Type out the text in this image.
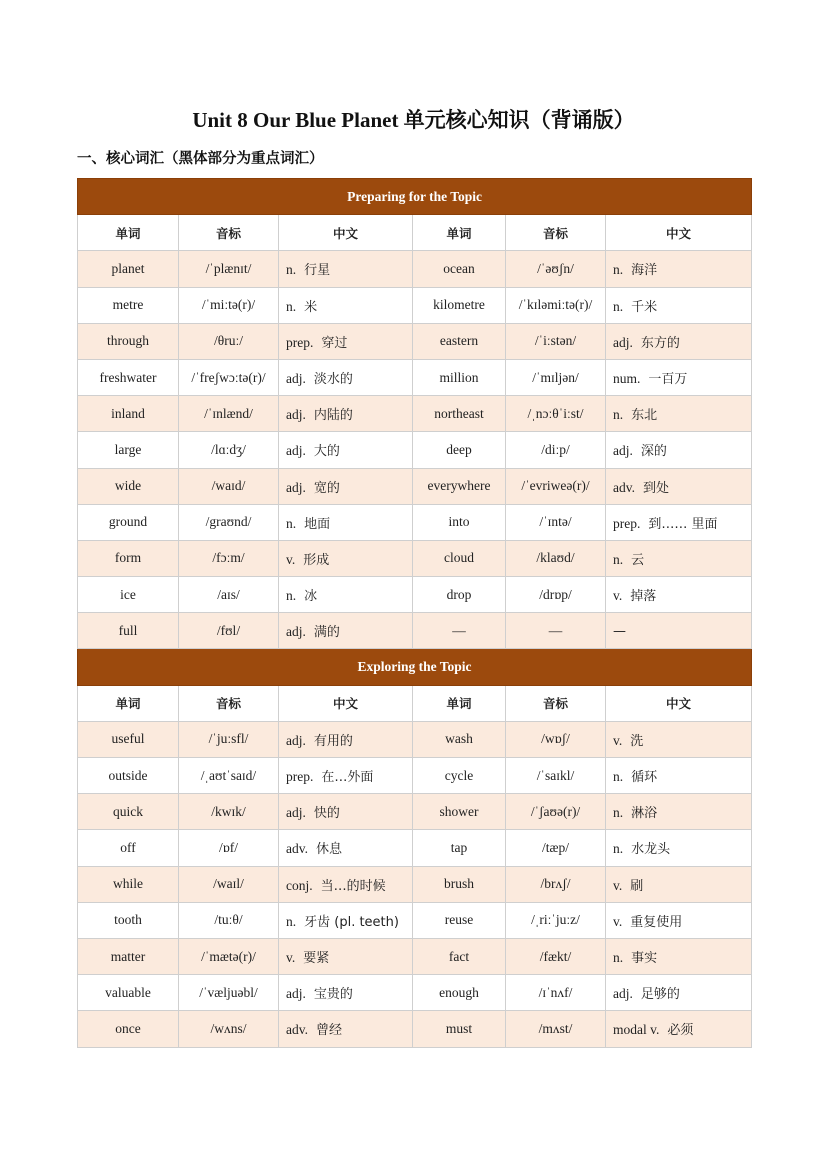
Unit 8 Our Blue Planet 单元核心知识（背诵版）
一、核心词汇（黑体部分为重点词汇）
Preparing for the Topic					
单词	音标	中文	单词	音标	中文
planet	/ˈplænɪt/	n. 行星	ocean	/ˈəʊʃn/	n. 海洋
metre	/ˈmiːtə(r)/	n. 米	kilometre	/ˈkɪləmiːtə(r)/	n. 千米
through	/θruː/	prep. 穿过	eastern	/ˈiːstən/	adj. 东方的
freshwater	/ˈfreʃwɔːtə(r)/	adj. 淡水的	million	/ˈmɪljən/	num. 一百万
inland	/ˈɪnlænd/	adj. 内陆的	northeast	/ˌnɔːθˈiːst/	n. 东北
large	/lɑːdʒ/	adj. 大的	deep	/diːp/	adj. 深的
wide	/waɪd/	adj. 宽的	everywhere	/ˈevriweə(r)/	adv. 到处
ground	/graʊnd/	n. 地面	into	/ˈɪntə/	prep. 到…… 里面
form	/fɔːm/	v. 形成	cloud	/klaʊd/	n. 云
ice	/aɪs/	n. 冰	drop	/drɒp/	v. 掉落
full	/fʊl/	adj. 满的	—	—	—
Exploring the Topic					
单词	音标	中文	单词	音标	中文
useful	/ˈjuːsfl/	adj. 有用的	wash	/wɒʃ/	v. 洗
outside	/ˌaʊtˈsaɪd/	prep. 在…外面	cycle	/ˈsaɪkl/	n. 循环
quick	/kwɪk/	adj. 快的	shower	/ˈʃaʊə(r)/	n. 淋浴
off	/ɒf/	adv. 休息	tap	/tæp/	n. 水龙头
while	/waɪl/	conj. 当…的时候	brush	/brʌʃ/	v. 刷
tooth	/tuːθ/	n. 牙齿 (pl. teeth)	reuse	/ˌriːˈjuːz/	v. 重复使用
matter	/ˈmætə(r)/	v. 要紧	fact	/fækt/	n. 事实
valuable	/ˈvæljuəbl/	adj. 宝贵的	enough	/ɪˈnʌf/	adj. 足够的
once	/wʌns/	adv. 曾经	must	/mʌst/	modal v. 必须
